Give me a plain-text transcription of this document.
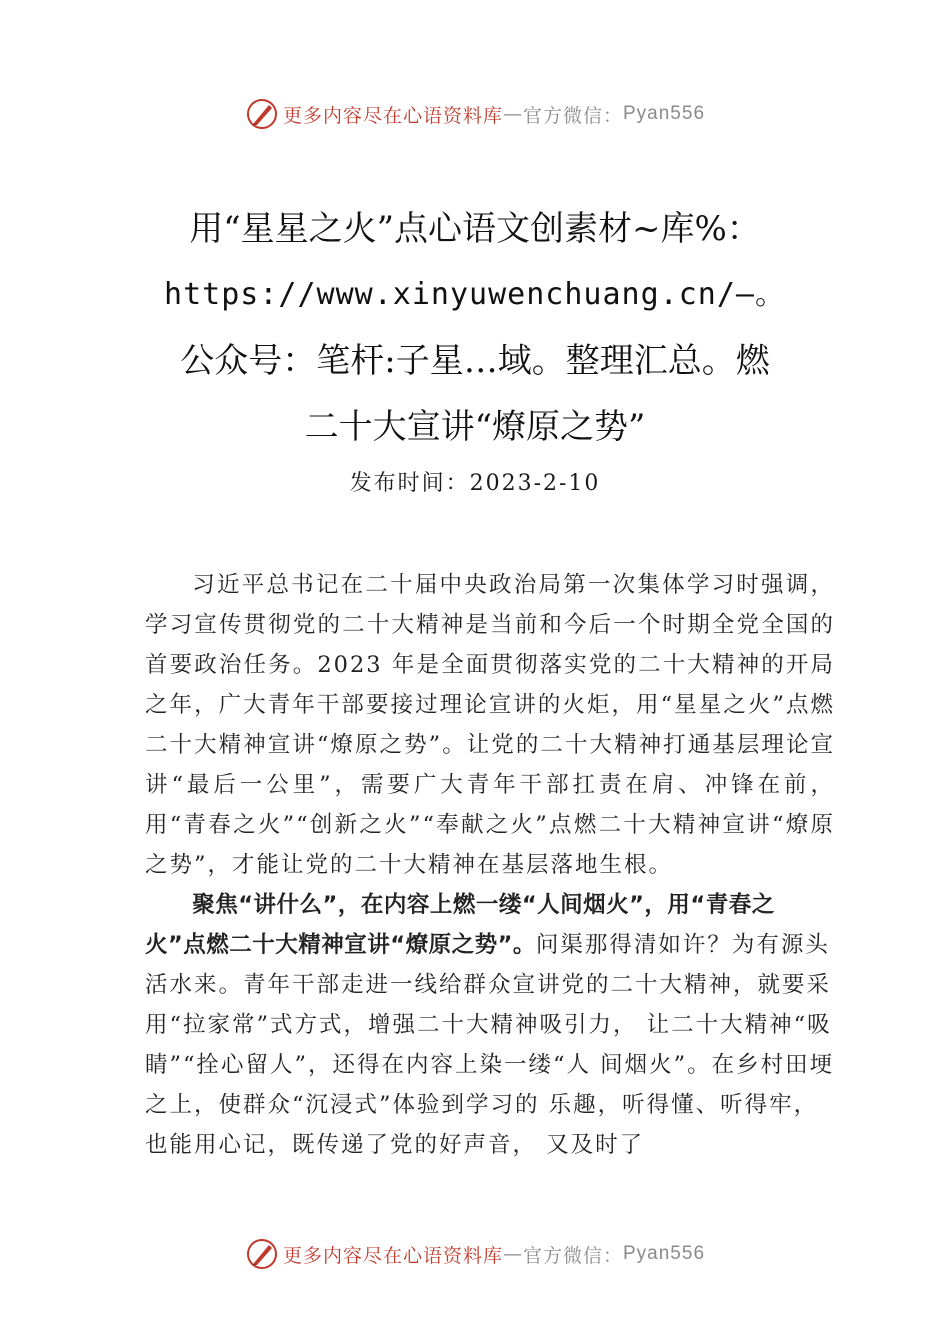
更多内容尽在心语资料库 — 官方微信： Pyan556
用“星星之火”点心语文创素材~库%：
https://www.xinyuwenchuang.cn/—。
公众号：笔杆:子星…域。整理汇总。燃
二十大宣讲“燎原之势”
发布时间：2023-2-10

习近平总书记在二十届中央政治局第一次集体学习时强调，学习宣传贯彻党的二十大精神是当前和今后一个时期全党全国的首要政治任务。2023 年是全面贯彻落实党的二十大精神的开局之年，广大青年干部要接过理论宣讲的火炬，用“星星之火”点燃二十大精神宣讲“燎原之势”。让党的二十大精神打通基层理论宣讲“最后一公里”，需要广大青年干部扛责在肩、冲锋在前，用“青春之火”“创新之火”“奉献之火”点燃二十大精神宣讲“燎原之势”，才能让党的二十大精神在基层落地生根。

聚焦“讲什么”，在内容上燃一缕“人间烟火”，用“青春之火”点燃二十大精神宣讲“燎原之势”。问渠那得清如许？为有源头活水来。青年干部走进一线给群众宣讲党的二十大精神，就要采用“拉家常”式方式，增强二十大精神吸引力， 让二十大精神“吸睛”“拴心留人”，还得在内容上染一缕“人 间烟火”。在乡村田埂之上，使群众“沉浸式”体验到学习的 乐趣，听得懂、听得牢，也能用心记，既传递了党的好声音， 又及时了

更多内容尽在心语资料库 — 官方微信： Pyan556
